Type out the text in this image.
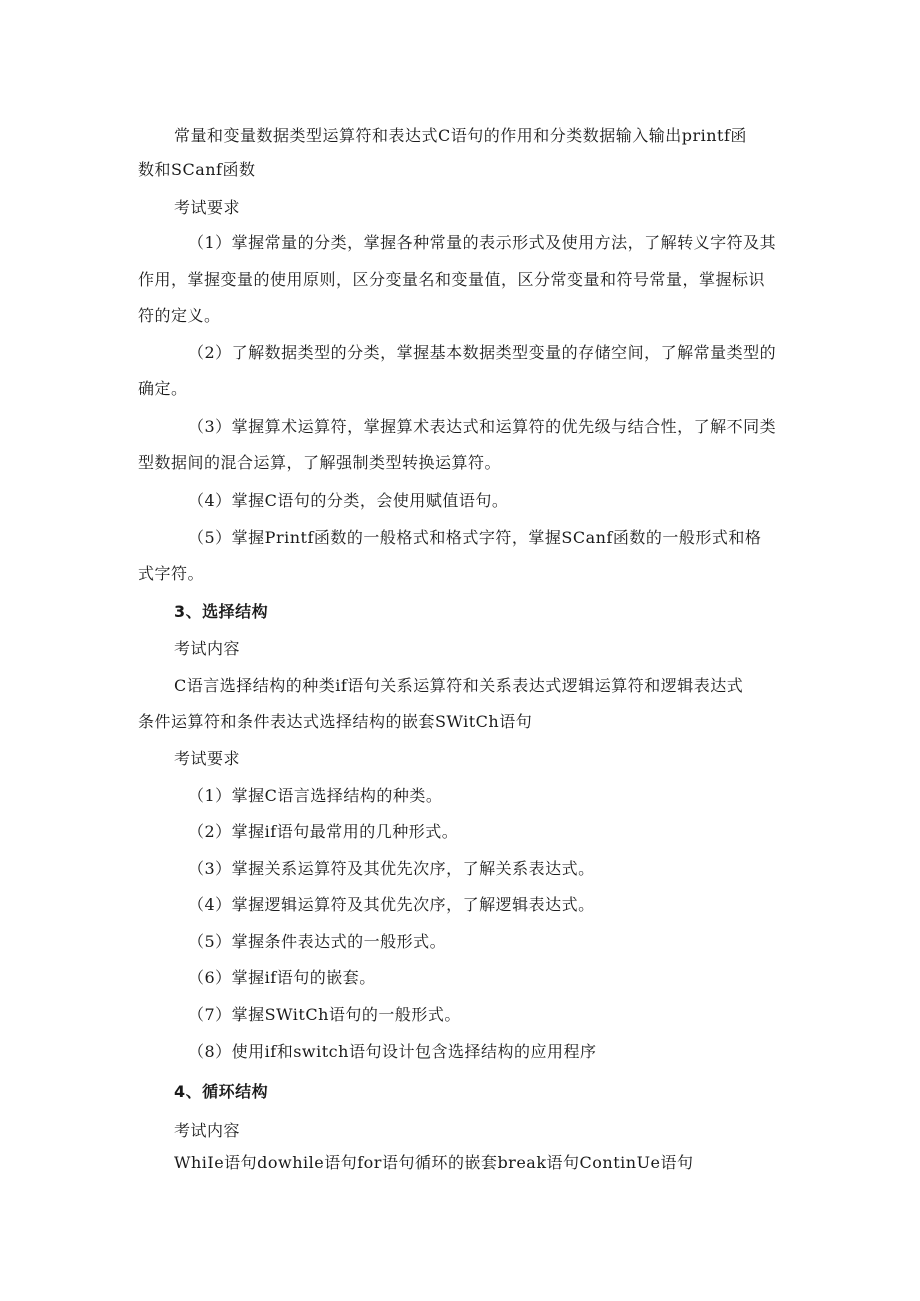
常量和变量数据类型运算符和表达式C语句的作用和分类数据输入输出printf函

数和SCanf函数

考试要求

（1）掌握常量的分类，掌握各种常量的表示形式及使用方法，了解转义字符及其

作用，掌握变量的使用原则，区分变量名和变量值，区分常变量和符号常量，掌握标识

符的定义。

（2）了解数据类型的分类，掌握基本数据类型变量的存储空间，了解常量类型的

确定。

（3）掌握算术运算符，掌握算术表达式和运算符的优先级与结合性，了解不同类

型数据间的混合运算，了解强制类型转换运算符。

（4）掌握C语句的分类，会使用赋值语句。

（5）掌握Printf函数的一般格式和格式字符，掌握SCanf函数的一般形式和格

式字符。

3、选择结构

考试内容

C语言选择结构的种类if语句关系运算符和关系表达式逻辑运算符和逻辑表达式

条件运算符和条件表达式选择结构的嵌套SWitCh语句

考试要求

（1）掌握C语言选择结构的种类。

（2）掌握if语句最常用的几种形式。

（3）掌握关系运算符及其优先次序，了解关系表达式。

（4）掌握逻辑运算符及其优先次序，了解逻辑表达式。

（5）掌握条件表达式的一般形式。

（6）掌握if语句的嵌套。

（7）掌握SWitCh语句的一般形式。

（8）使用if和switch语句设计包含选择结构的应用程序

4、循环结构

考试内容

WhiIe语句dowhile语句for语句循环的嵌套break语句ContinUe语句
